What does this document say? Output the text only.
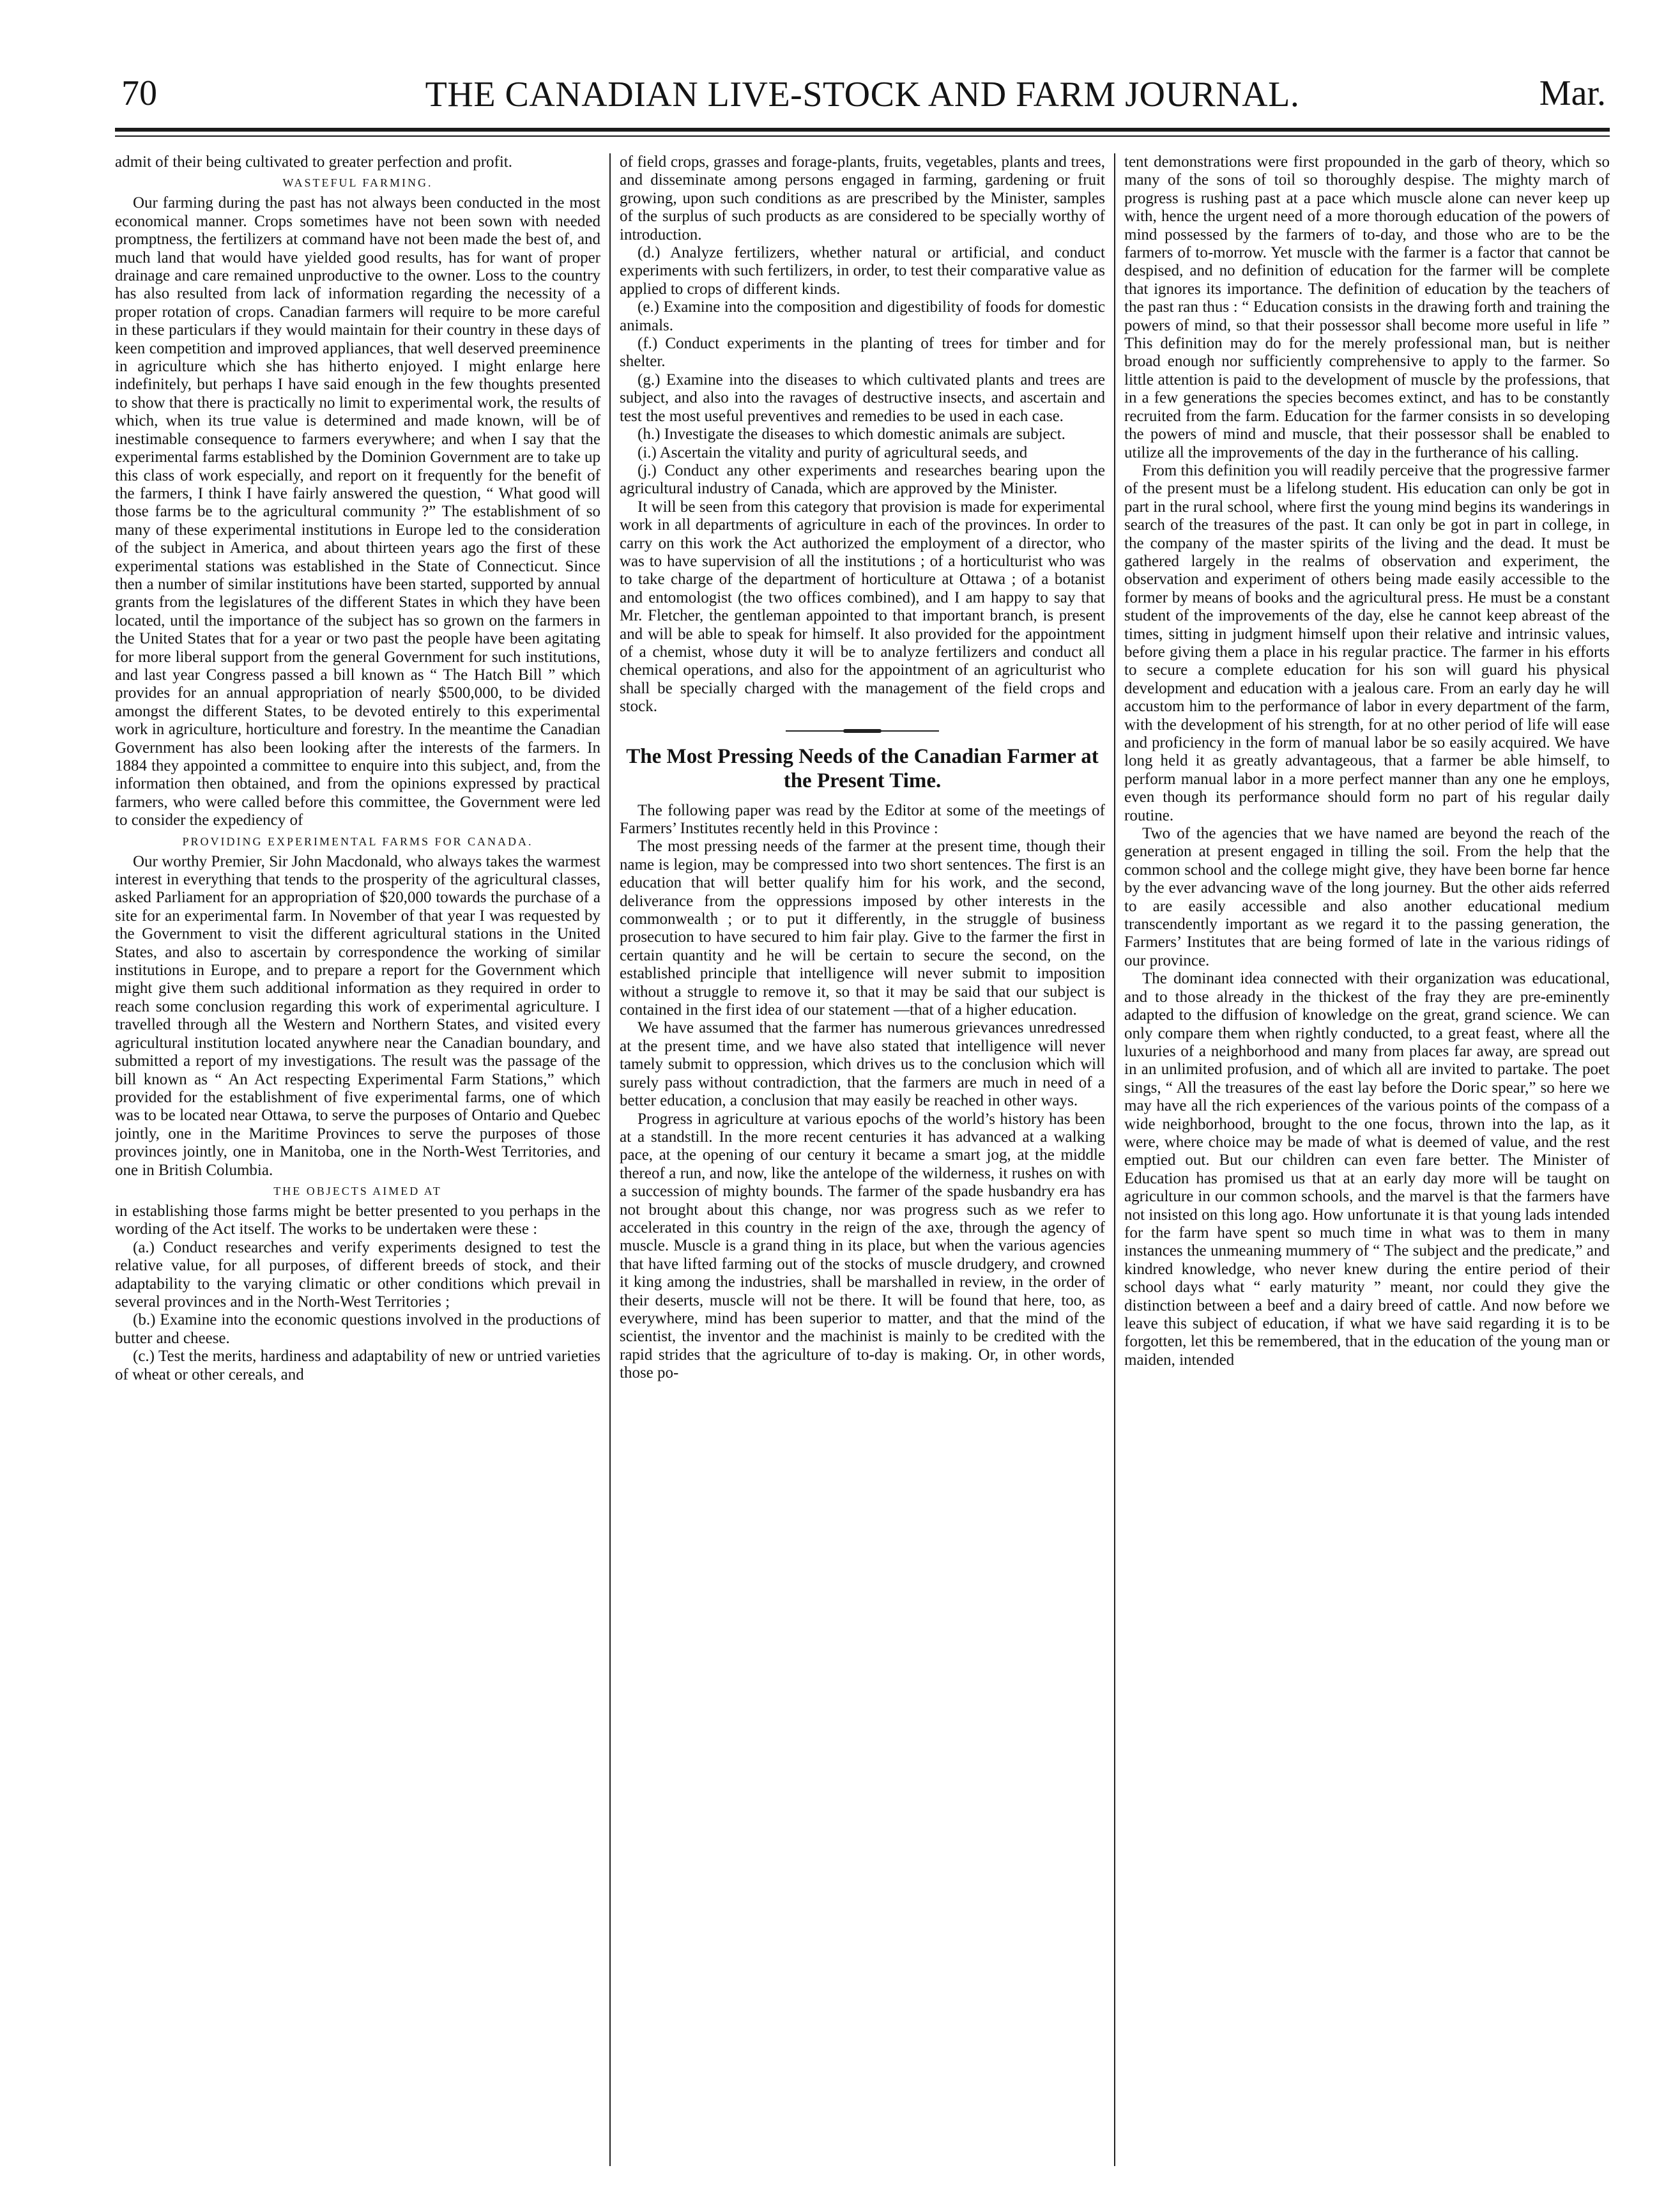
70	THE CANADIAN LIVE-STOCK AND FARM JOURNAL.	Mar.

admit of their being cultivated to greater perfection and profit.

WASTEFUL FARMING.

Our farming during the past has not always been conducted in the most economical manner. Crops sometimes have not been sown with needed promptness, the fertilizers at command have not been made the best of, and much land that would have yielded good results, has for want of proper drainage and care remained unproductive to the owner. Loss to the country has also resulted from lack of information regarding the necessity of a proper rotation of crops. Canadian farmers will require to be more careful in these particulars if they would maintain for their country in these days of keen competition and improved appliances, that well deserved preeminence in agriculture which she has hitherto enjoyed. I might enlarge here indefinitely, but perhaps I have said enough in the few thoughts presented to show that there is practically no limit to experimental work, the results of which, when its true value is determined and made known, will be of inestimable consequence to farmers everywhere; and when I say that the experimental farms established by the Dominion Government are to take up this class of work especially, and report on it frequently for the benefit of the farmers, I think I have fairly answered the question, “ What good will those farms be to the agricultural community ?” The establishment of so many of these experimental institutions in Europe led to the consideration of the subject in America, and about thirteen years ago the first of these experimental stations was established in the State of Connecticut. Since then a number of similar institutions have been started, supported by annual grants from the legislatures of the different States in which they have been located, until the importance of the subject has so grown on the farmers in the United States that for a year or two past the people have been agitating for more liberal support from the general Government for such institutions, and last year Congress passed a bill known as “ The Hatch Bill ” which provides for an annual appropriation of nearly $500,000, to be divided amongst the different States, to be devoted entirely to this experimental work in agriculture, horticulture and forestry. In the meantime the Canadian Government has also been looking after the interests of the farmers. In 1884 they appointed a committee to enquire into this subject, and, from the information then obtained, and from the opinions expressed by practical farmers, who were called before this committee, the Government were led to consider the expediency of

PROVIDING EXPERIMENTAL FARMS FOR CANADA.

Our worthy Premier, Sir John Macdonald, who always takes the warmest interest in everything that tends to the prosperity of the agricultural classes, asked Parliament for an appropriation of $20,000 towards the purchase of a site for an experimental farm. In November of that year I was requested by the Government to visit the different agricultural stations in the United States, and also to ascertain by correspondence the working of similar institutions in Europe, and to prepare a report for the Government which might give them such additional information as they required in order to reach some conclusion regarding this work of experimental agriculture. I travelled through all the Western and Northern States, and visited every agricultural institution located anywhere near the Canadian boundary, and submitted a report of my investigations. The result was the passage of the bill known as “ An Act respecting Experimental Farm Stations,” which provided for the establishment of five experimental farms, one of which was to be located near Ottawa, to serve the purposes of Ontario and Quebec jointly, one in the Maritime Provinces to serve the purposes of those provinces jointly, one in Manitoba, one in the North-West Territories, and one in British Columbia.

THE OBJECTS AIMED AT

in establishing those farms might be better presented to you perhaps in the wording of the Act itself. The works to be undertaken were these :

(a.) Conduct researches and verify experiments designed to test the relative value, for all purposes, of different breeds of stock, and their adaptability to the varying climatic or other conditions which prevail in several provinces and in the North-West Territories ;

(b.) Examine into the economic questions involved in the productions of butter and cheese.

(c.) Test the merits, hardiness and adaptability of new or untried varieties of wheat or other cereals, and

of field crops, grasses and forage-plants, fruits, vegetables, plants and trees, and disseminate among persons engaged in farming, gardening or fruit growing, upon such conditions as are prescribed by the Minister, samples of the surplus of such products as are considered to be specially worthy of introduction.

(d.) Analyze fertilizers, whether natural or artificial, and conduct experiments with such fertilizers, in order, to test their comparative value as applied to crops of different kinds.

(e.) Examine into the composition and digestibility of foods for domestic animals.

(f.) Conduct experiments in the planting of trees for timber and for shelter.

(g.) Examine into the diseases to which cultivated plants and trees are subject, and also into the ravages of destructive insects, and ascertain and test the most useful preventives and remedies to be used in each case.

(h.) Investigate the diseases to which domestic animals are subject.

(i.) Ascertain the vitality and purity of agricultural seeds, and

(j.) Conduct any other experiments and researches bearing upon the agricultural industry of Canada, which are approved by the Minister.

It will be seen from this category that provision is made for experimental work in all departments of agriculture in each of the provinces. In order to carry on this work the Act authorized the employment of a director, who was to have supervision of all the institutions ; of a horticulturist who was to take charge of the department of horticulture at Ottawa ; of a botanist and entomologist (the two offices combined), and I am happy to say that Mr. Fletcher, the gentleman appointed to that important branch, is present and will be able to speak for himself. It also provided for the appointment of a chemist, whose duty it will be to analyze fertilizers and conduct all chemical operations, and also for the appointment of an agriculturist who shall be specially charged with the management of the field crops and stock.

The Most Pressing Needs of the Canadian Farmer at the Present Time.

The following paper was read by the Editor at some of the meetings of Farmers’ Institutes recently held in this Province :

The most pressing needs of the farmer at the present time, though their name is legion, may be compressed into two short sentences. The first is an education that will better qualify him for his work, and the second, deliverance from the oppressions imposed by other interests in the commonwealth ; or to put it differently, in the struggle of business prosecution to have secured to him fair play. Give to the farmer the first in certain quantity and he will be certain to secure the second, on the established principle that intelligence will never submit to imposition without a struggle to remove it, so that it may be said that our subject is contained in the first idea of our statement —that of a higher education.

We have assumed that the farmer has numerous grievances unredressed at the present time, and we have also stated that intelligence will never tamely submit to oppression, which drives us to the conclusion which will surely pass without contradiction, that the farmers are much in need of a better education, a conclusion that may easily be reached in other ways.

Progress in agriculture at various epochs of the world’s history has been at a standstill. In the more recent centuries it has advanced at a walking pace, at the opening of our century it became a smart jog, at the middle thereof a run, and now, like the antelope of the wilderness, it rushes on with a succession of mighty bounds. The farmer of the spade husbandry era has not brought about this change, nor was progress such as we refer to accelerated in this country in the reign of the axe, through the agency of muscle. Muscle is a grand thing in its place, but when the various agencies that have lifted farming out of the stocks of muscle drudgery, and crowned it king among the industries, shall be marshalled in review, in the order of their deserts, muscle will not be there. It will be found that here, too, as everywhere, mind has been superior to matter, and that the mind of the scientist, the inventor and the machinist is mainly to be credited with the rapid strides that the agriculture of to-day is making. Or, in other words, those po-

tent demonstrations were first propounded in the garb of theory, which so many of the sons of toil so thoroughly despise. The mighty march of progress is rushing past at a pace which muscle alone can never keep up with, hence the urgent need of a more thorough education of the powers of mind possessed by the farmers of to-day, and those who are to be the farmers of to-morrow. Yet muscle with the farmer is a factor that cannot be despised, and no definition of education for the farmer will be complete that ignores its importance. The definition of education by the teachers of the past ran thus : “ Education consists in the drawing forth and training the powers of mind, so that their possessor shall become more useful in life ” This definition may do for the merely professional man, but is neither broad enough nor sufficiently comprehensive to apply to the farmer. So little attention is paid to the development of muscle by the professions, that in a few generations the species becomes extinct, and has to be constantly recruited from the farm. Education for the farmer consists in so developing the powers of mind and muscle, that their possessor shall be enabled to utilize all the improvements of the day in the furtherance of his calling.

From this definition you will readily perceive that the progressive farmer of the present must be a lifelong student. His education can only be got in part in the rural school, where first the young mind begins its wanderings in search of the treasures of the past. It can only be got in part in college, in the company of the master spirits of the living and the dead. It must be gathered largely in the realms of observation and experiment, the observation and experiment of others being made easily accessible to the former by means of books and the agricultural press. He must be a constant student of the improvements of the day, else he cannot keep abreast of the times, sitting in judgment himself upon their relative and intrinsic values, before giving them a place in his regular practice. The farmer in his efforts to secure a complete education for his son will guard his physical development and education with a jealous care. From an early day he will accustom him to the performance of labor in every department of the farm, with the development of his strength, for at no other period of life will ease and proficiency in the form of manual labor be so easily acquired. We have long held it as greatly advantageous, that a farmer be able himself, to perform manual labor in a more perfect manner than any one he employs, even though its performance should form no part of his regular daily routine.

Two of the agencies that we have named are beyond the reach of the generation at present engaged in tilling the soil. From the help that the common school and the college might give, they have been borne far hence by the ever advancing wave of the long journey. But the other aids referred to are easily accessible and also another educational medium transcendently important as we regard it to the passing generation, the Farmers’ Institutes that are being formed of late in the various ridings of our province.

The dominant idea connected with their organization was educational, and to those already in the thickest of the fray they are pre-eminently adapted to the diffusion of knowledge on the great, grand science. We can only compare them when rightly conducted, to a great feast, where all the luxuries of a neighborhood and many from places far away, are spread out in an unlimited profusion, and of which all are invited to partake. The poet sings, “ All the treasures of the east lay before the Doric spear,” so here we may have all the rich experiences of the various points of the compass of a wide neighborhood, brought to the one focus, thrown into the lap, as it were, where choice may be made of what is deemed of value, and the rest emptied out. But our children can even fare better. The Minister of Education has promised us that at an early day more will be taught on agriculture in our common schools, and the marvel is that the farmers have not insisted on this long ago. How unfortunate it is that young lads intended for the farm have spent so much time in what was to them in many instances the unmeaning mummery of “ The subject and the predicate,” and kindred knowledge, who never knew during the entire period of their school days what “ early maturity ” meant, nor could they give the distinction between a beef and a dairy breed of cattle. And now before we leave this subject of education, if what we have said regarding it is to be forgotten, let this be remembered, that in the education of the young man or maiden, intended
